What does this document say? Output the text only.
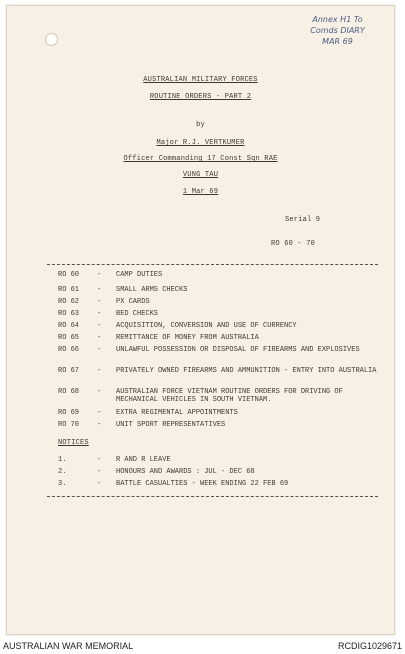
Annex H1 To
Comds DIARY
MAR 69
AUSTRALIAN MILITARY FORCES
ROUTINE ORDERS - PART 2
by
Major R.J. VERTKUMER
Officer Commanding 17 Const Sqn RAE
VUNG TAU
1 Mar 69
Serial 9
RO 60 - 70
RO 60	- CAMP DUTIES
RO 61	- SMALL ARMS CHECKS
RO 62	- PX CARDS
RO 63	- BED CHECKS
RO 64	- ACQUISITION, CONVERSION AND USE OF CURRENCY
RO 65	- REMITTANCE OF MONEY FROM AUSTRALIA
RO 66	- UNLAWFUL POSSESSION OR DISPOSAL OF FIREARMS AND EXPLOSIVES
RO 67	- PRIVATELY OWNED FIREARMS AND AMMUNITION - ENTRY INTO AUSTRALIA
RO 68	- AUSTRALIAN FORCE VIETNAM ROUTINE ORDERS FOR DRIVING OF MECHANICAL VEHICLES IN SOUTH VIETNAM.
RO 69	- EXTRA REGIMENTAL APPOINTMENTS
RO 70	- UNIT SPORT REPRESENTATIVES
NOTICES
1.	- R AND R LEAVE
2.	- HONOURS AND AWARDS : JUL - DEC 68
3.	- BATTLE CASUALTIES - WEEK ENDING 22 FEB 69
AUSTRALIAN WAR MEMORIAL	RCDIG1029671
